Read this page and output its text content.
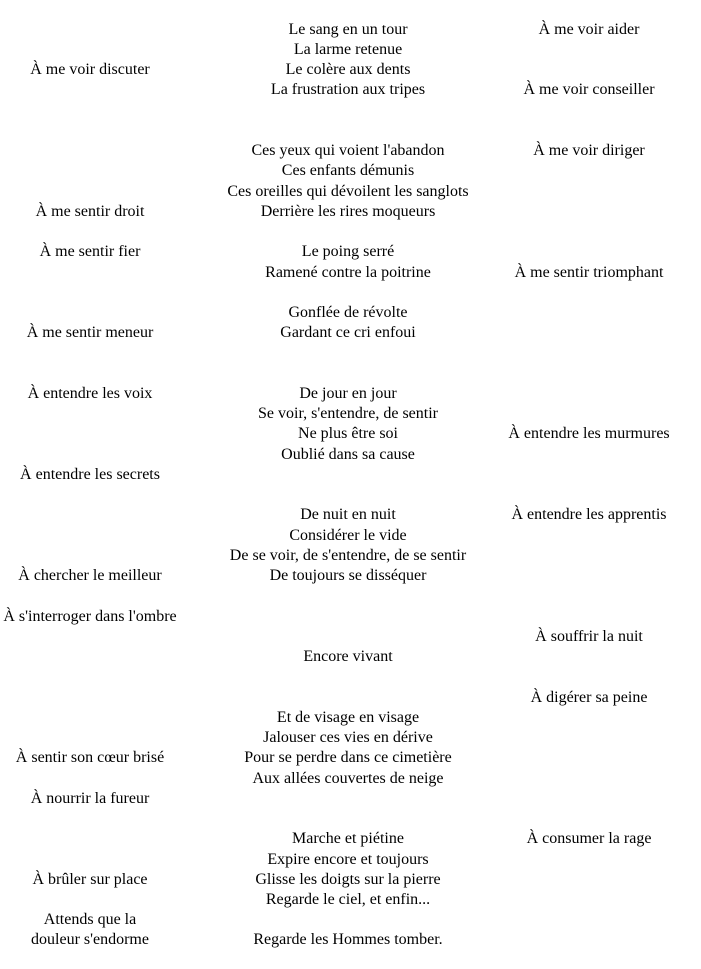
À me voir discuter
À me sentir droit
À me sentir fier
À me sentir meneur
À entendre les voix
À entendre les secrets
À chercher le meilleur
À s'interroger dans l'ombre
À sentir son cœur brisé
À nourrir la fureur
À brûler sur place
Attends que la
douleur s'endorme
Le sang en un tour
La larme retenue
Le colère aux dents
La frustration aux tripes
Ces yeux qui voient l'abandon
Ces enfants démunis
Ces oreilles qui dévoilent les sanglots
Derrière les rires moqueurs
Le poing serré
Ramené contre la poitrine
Gonflée de révolte
Gardant ce cri enfoui
De jour en jour
Se voir, s'entendre, de sentir
Ne plus être soi
Oublié dans sa cause
De nuit en nuit
Considérer le vide
De se voir, de s'entendre, de se sentir
De toujours se disséquer
Encore vivant
Et de visage en visage
Jalouser ces vies en dérive
Pour se perdre dans ce cimetière
Aux allées couvertes de neige
Marche et piétine
Expire encore et toujours
Glisse les doigts sur la pierre
Regarde le ciel, et enfin...
Regarde les Hommes tomber.
À me voir aider
À me voir conseiller
À me voir diriger
À me sentir triomphant
À entendre les murmures
À entendre les apprentis
À souffrir la nuit
À digérer sa peine
À consumer la rage
